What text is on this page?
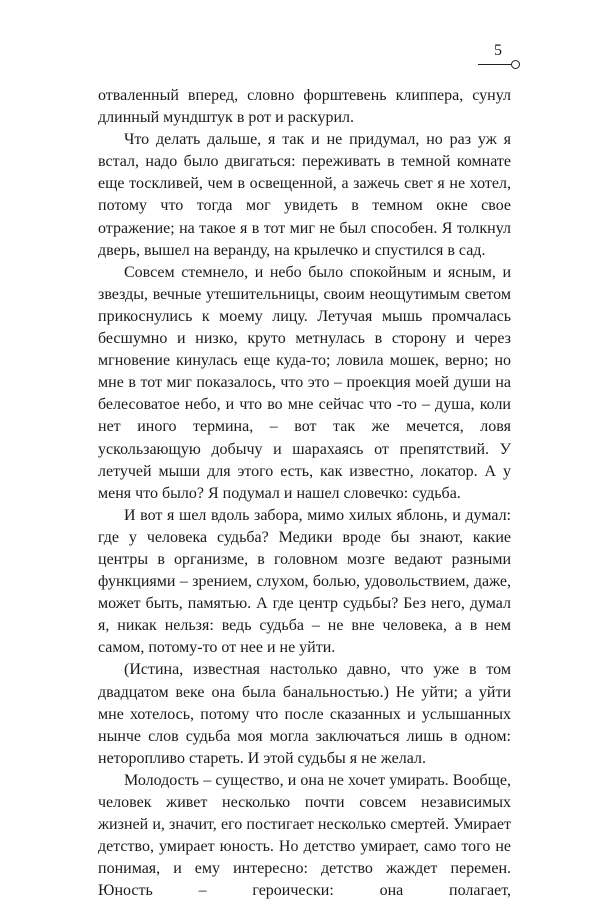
5

отваленный вперед, словно форштевень клиппера, сунул длинный мундштук в рот и раскурил.

Что делать дальше, я так и не придумал, но раз уж я встал, надо было двигаться: переживать в темной комнате еще тоскливей, чем в освещенной, а зажечь свет я не хотел, потому что тогда мог увидеть в темном окне свое отражение; на такое я в тот миг не был способен. Я толкнул дверь, вышел на веранду, на крылечко и спустился в сад.

Совсем стемнело, и небо было спокойным и ясным, и звезды, вечные утешительницы, своим неощутимым светом прикоснулись к моему лицу. Летучая мышь промчалась бесшумно и низко, круто метнулась в сторону и через мгновение кинулась еще куда-то; ловила мошек, верно; но мне в тот миг показалось, что это – проекция моей души на белесоватое небо, и что во мне сейчас что -то – душа, коли нет иного термина, – вот так же мечется, ловя ускользающую добычу и шарахаясь от препятствий. У летучей мыши для этого есть, как известно, локатор. А у меня что было? Я подумал и нашел словечко: судьба.

И вот я шел вдоль забора, мимо хилых яблонь, и думал: где у человека судьба? Медики вроде бы знают, какие центры в организме, в головном мозге ведают разными функциями – зрением, слухом, болью, удовольствием, даже, может быть, памятью. А где центр судьбы? Без него, думал я, никак нельзя: ведь судьба – не вне человека, а в нем самом, потому-то от нее и не уйти.

(Истина, известная настолько давно, что уже в том двадцатом веке она была банальностью.) Не уйти; а уйти мне хотелось, потому что после сказанных и услышанных нынче слов судьба моя могла заключаться лишь в одном: неторопливо стареть. И этой судьбы я не желал.

Молодость – существо, и она не хочет умирать. Вообще, человек живет несколько почти совсем независимых жизней и, значит, его постигает несколько смертей. Умирает детство, умирает юность. Но детство умирает, само того не понимая, и ему интересно: детство жаждет перемен. Юность – героически: она полагает,
